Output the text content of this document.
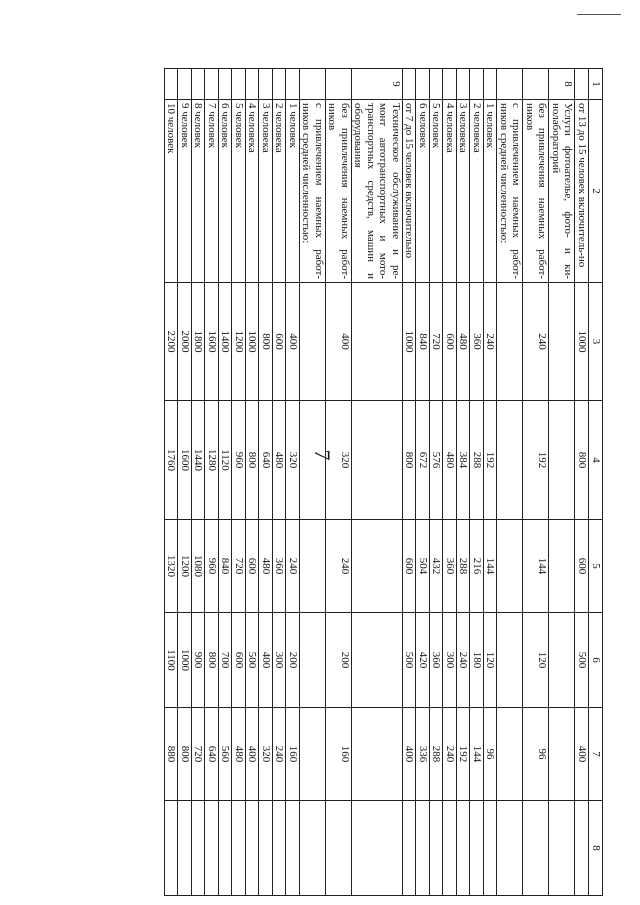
7
1	2	3	4	5	6	7	8
	от 13 до 15 человек включитель-но	1000	800	600	500	400	
8	Услуги фотоателье, фото- и ки-нолабораторий						
	без привлечения наемных работ-ников	240	192	144	120	96	
	с привлечением наемных работ-ников средней численностью:						
	1 человек	240	192	144	120	96	
	2 человека	360	288	216	180	144	
	3 человека	480	384	288	240	192	
	4 человека	600	480	360	300	240	
	5 человек	720	576	432	360	288	
	6 человек	840	672	504	420	336	
	от 7 до 15 человек включительно	1000	800	600	500	400	
9	Техническое обслуживание и ре-монт автотранспортных и мото-транспортных средств, машин и оборудования						
	без привлечения наемных работ-ников	400	320	240	200	160	
	с привлечением наемных работ-ников средней численностью:						
	1 человек	400	320	240	200	160	
	2 человека	600	480	360	300	240	
	3 человека	800	640	480	400	320	
	4 человека	1000	800	600	500	400	
	5 человек	1200	960	720	600	480	
	6 человек	1400	1120	840	700	560	
	7 человек	1600	1280	960	800	640	
	8 человек	1800	1440	1080	900	720	
	9 человек	2000	1600	1200	1000	800	
	10 человек	2200	1760	1320	1100	880	
